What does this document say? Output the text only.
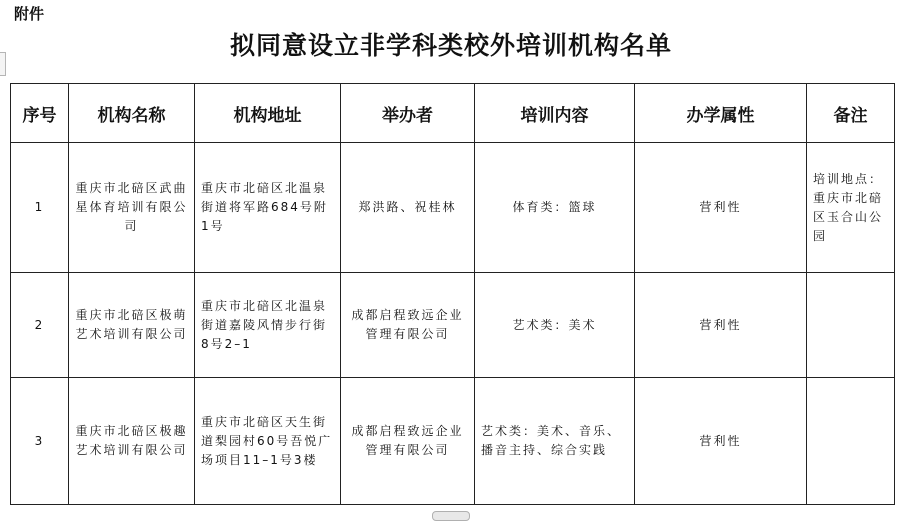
附件
拟同意设立非学科类校外培训机构名单
序号	机构名称	机构地址	举办者	培训内容	办学属性	备注
1	重庆市北碚区武曲星体育培训有限公司	重庆市北碚区北温泉街道将军路684号附1号	郑洪路、祝桂林	体育类：篮球	营利性	培训地点：重庆市北碚区玉合山公园
2	重庆市北碚区极萌艺术培训有限公司	重庆市北碚区北温泉街道嘉陵风情步行街8号2–1	成都启程致远企业管理有限公司	艺术类：美术	营利性	
3	重庆市北碚区极趣艺术培训有限公司	重庆市北碚区天生街道梨园村60号吾悦广场项目11–1号3楼	成都启程致远企业管理有限公司	艺术类：美术、音乐、播音主持、综合实践	营利性	
